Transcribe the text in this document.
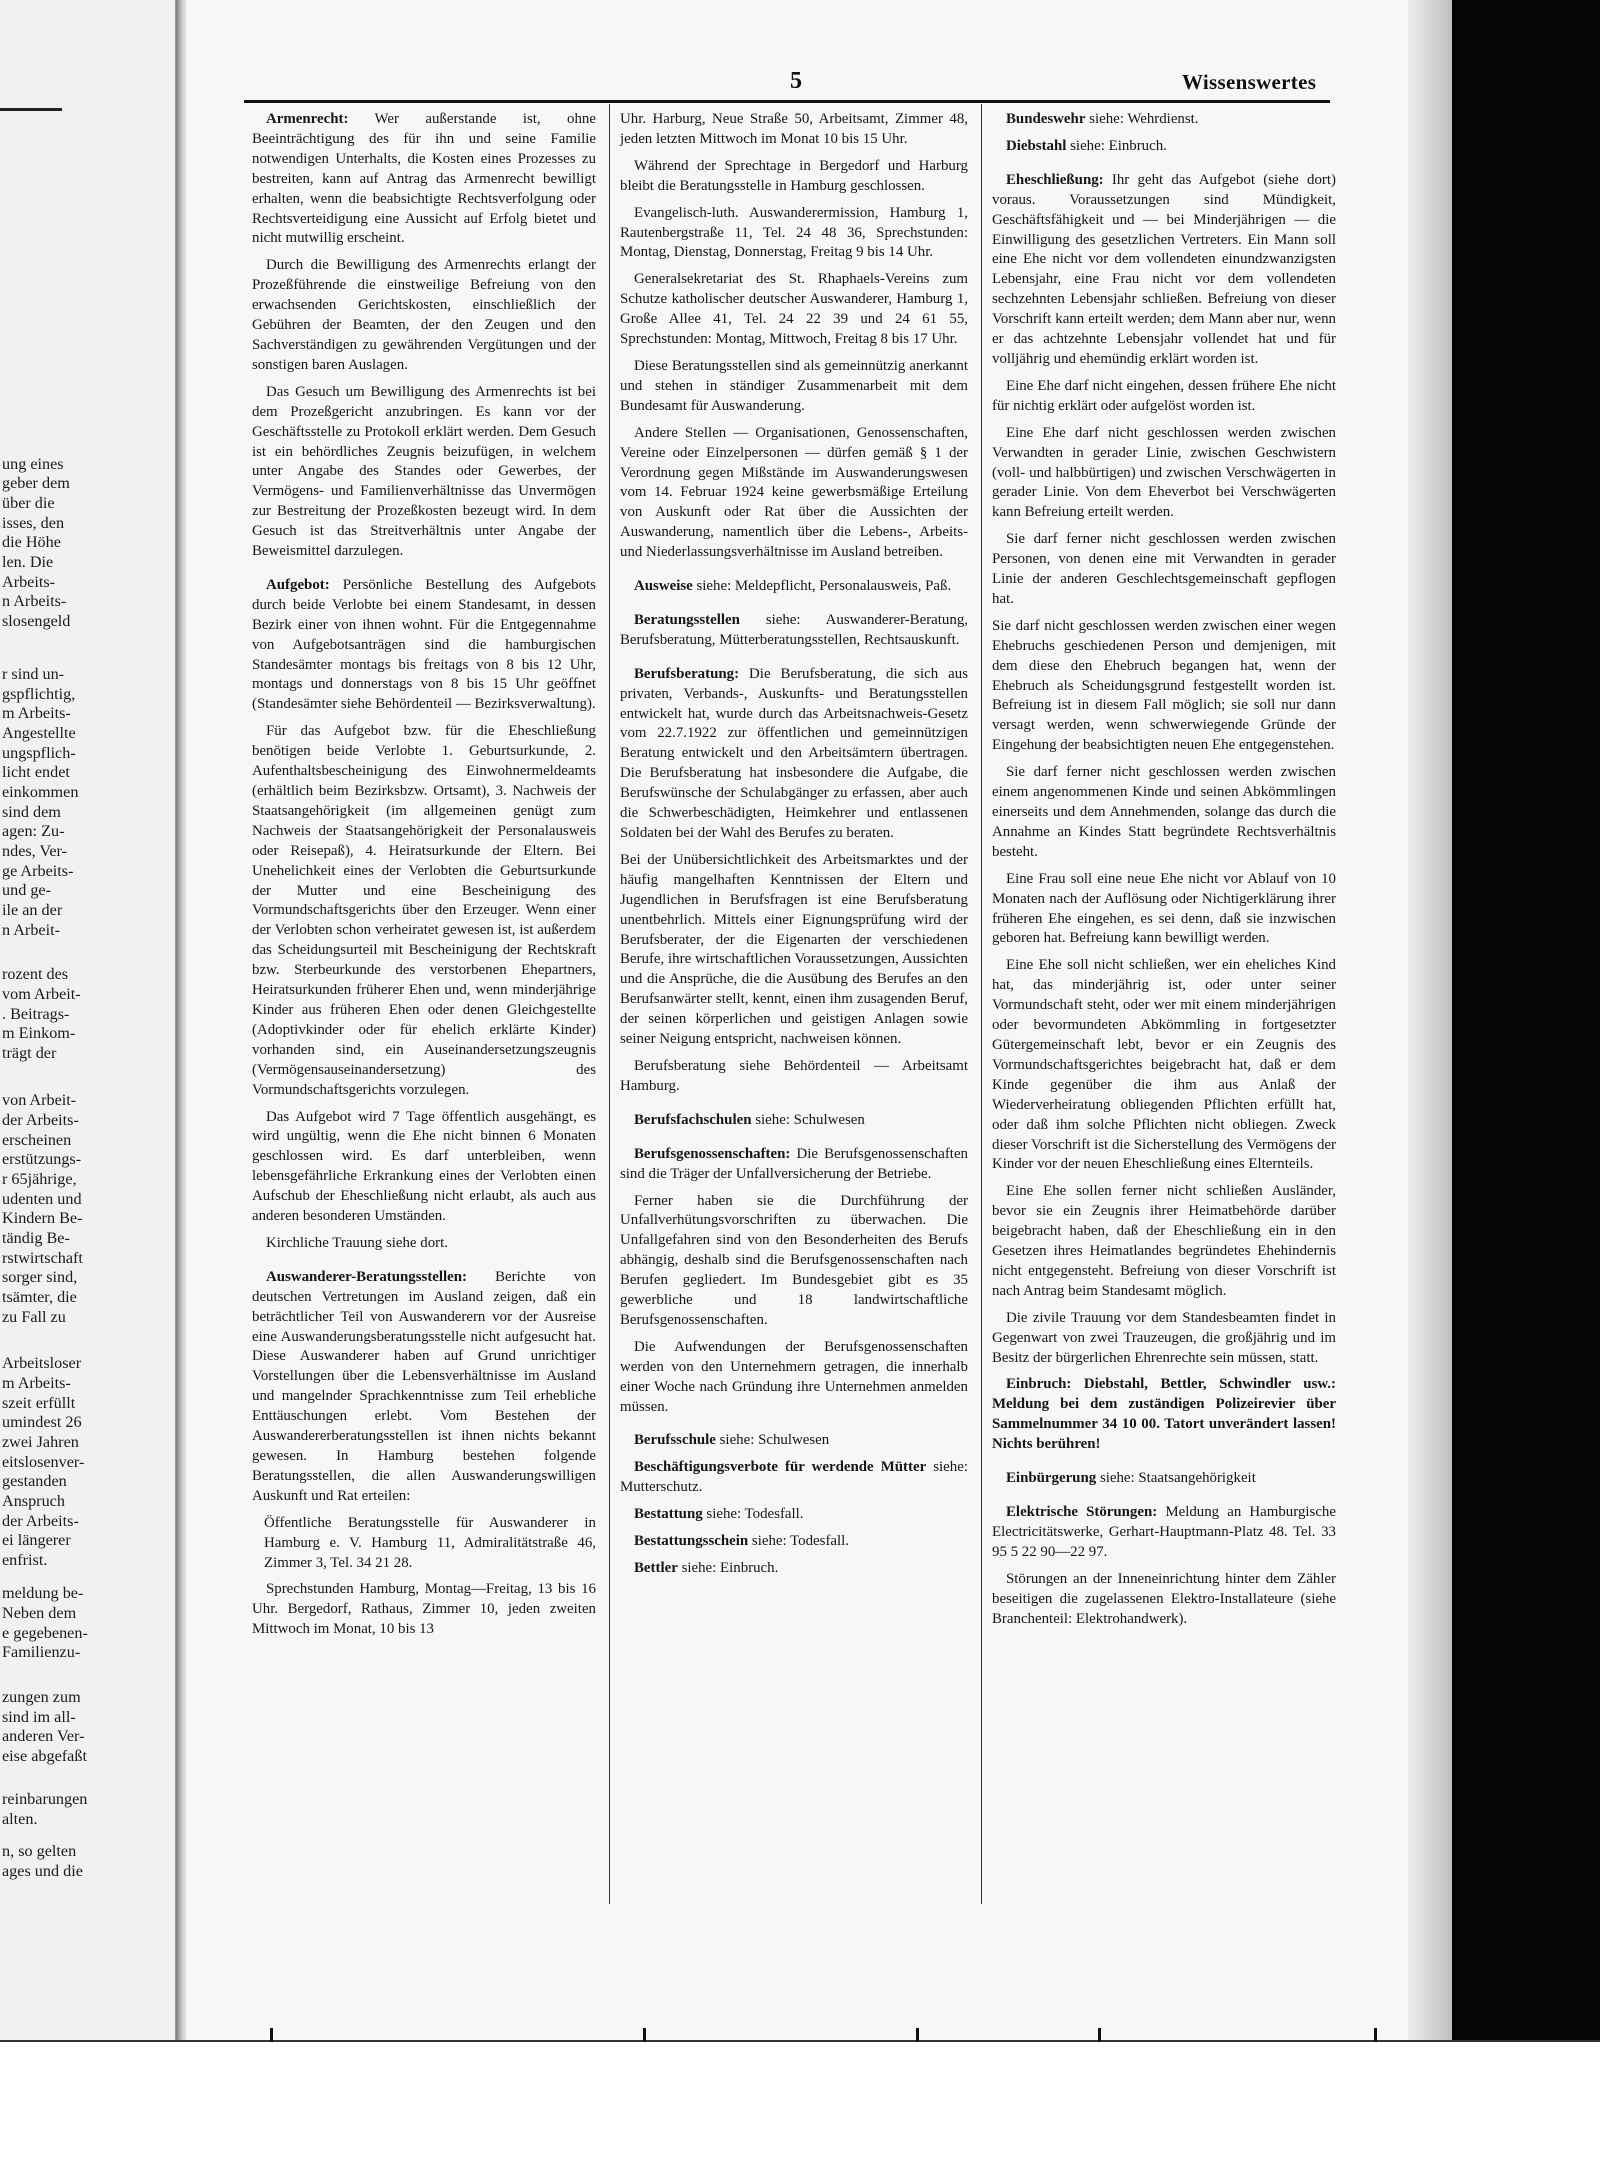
ung eines
geber dem
über die
isses, den
die Höhe
len. Die
Arbeits-
n Arbeits-
slosengeld
r sind un-
gspflichtig,
m Arbeits-
Angestellte
ungspflich-
licht endet
einkommen
sind dem
agen: Zu-
ndes, Ver-
ge Arbeits-
und ge-
ile an der
n Arbeit-
rozent des
vom Arbeit-
. Beitrags-
m Einkom-
trägt der
von Arbeit-
der Arbeits-
erscheinen
erstützungs-
r 65jährige,
udenten und
Kindern Be-
tändig Be-
rstwirtschaft
sorger sind,
tsämter, die
zu Fall zu
Arbeitsloser
m Arbeits-
szeit erfüllt
umindest 26
zwei Jahren
eitslosenver-
gestanden
Anspruch
der Arbeits-
ei längerer
enfrist.
meldung be-
Neben dem
e gegebenen-
Familienzu-
zungen zum
sind im all-
anderen Ver-
eise abgefaßt
reinbarungen
alten.
n, so gelten
ages und die
5	Wissenswertes

Armenrecht: Wer außerstande ist, ohne Beeinträchtigung des für ihn und seine Familie notwendigen Unterhalts, die Kosten eines Prozesses zu bestreiten, kann auf Antrag das Armenrecht bewilligt erhalten, wenn die beabsichtigte Rechtsverfolgung oder Rechtsverteidigung eine Aussicht auf Erfolg bietet und nicht mutwillig erscheint.

Durch die Bewilligung des Armenrechts erlangt der Prozeßführende die einstweilige Befreiung von den erwachsenden Gerichtskosten, einschließlich der Gebühren der Beamten, der den Zeugen und den Sachverständigen zu gewährenden Vergütungen und der sonstigen baren Auslagen.

Das Gesuch um Bewilligung des Armenrechts ist bei dem Prozeßgericht anzubringen. Es kann vor der Geschäftsstelle zu Protokoll erklärt werden. Dem Gesuch ist ein behördliches Zeugnis beizufügen, in welchem unter Angabe des Standes oder Gewerbes, der Vermögens- und Familienverhältnisse das Unvermögen zur Bestreitung der Prozeßkosten bezeugt wird. In dem Gesuch ist das Streitverhältnis unter Angabe der Beweismittel darzulegen.

Aufgebot: Persönliche Bestellung des Aufgebots durch beide Verlobte bei einem Standesamt, in dessen Bezirk einer von ihnen wohnt. Für die Entgegennahme von Aufgebotsanträgen sind die hamburgischen Standesämter montags bis freitags von 8 bis 12 Uhr, montags und donnerstags von 8 bis 15 Uhr geöffnet (Standesämter siehe Behördenteil — Bezirksverwaltung).

Für das Aufgebot bzw. für die Eheschließung benötigen beide Verlobte 1. Geburtsurkunde, 2. Aufenthaltsbescheinigung des Einwohnermeldeamts (erhältlich beim Bezirksbzw. Ortsamt), 3. Nachweis der Staatsangehörigkeit (im allgemeinen genügt zum Nachweis der Staatsangehörigkeit der Personalausweis oder Reisepaß), 4. Heiratsurkunde der Eltern. Bei Unehelichkeit eines der Verlobten die Geburtsurkunde der Mutter und eine Bescheinigung des Vormundschaftsgerichts über den Erzeuger. Wenn einer der Verlobten schon verheiratet gewesen ist, ist außerdem das Scheidungsurteil mit Bescheinigung der Rechtskraft bzw. Sterbeurkunde des verstorbenen Ehepartners, Heiratsurkunden früherer Ehen und, wenn minderjährige Kinder aus früheren Ehen oder denen Gleichgestellte (Adoptivkinder oder für ehelich erklärte Kinder) vorhanden sind, ein Auseinandersetzungszeugnis (Vermögensauseinandersetzung) des Vormundschaftsgerichts vorzulegen.

Das Aufgebot wird 7 Tage öffentlich ausgehängt, es wird ungültig, wenn die Ehe nicht binnen 6 Monaten geschlossen wird. Es darf unterbleiben, wenn lebensgefährliche Erkrankung eines der Verlobten einen Aufschub der Eheschließung nicht erlaubt, als auch aus anderen besonderen Umständen.

Kirchliche Trauung siehe dort.

Auswanderer-Beratungsstellen: Berichte von deutschen Vertretungen im Ausland zeigen, daß ein beträchtlicher Teil von Auswanderern vor der Ausreise eine Auswanderungsberatungsstelle nicht aufgesucht hat. Diese Auswanderer haben auf Grund unrichtiger Vorstellungen über die Lebensverhältnisse im Ausland und mangelnder Sprachkenntnisse zum Teil erhebliche Enttäuschungen erlebt. Vom Bestehen der Auswandererberatungsstellen ist ihnen nichts bekannt gewesen. In Hamburg bestehen folgende Beratungsstellen, die allen Auswanderungswilligen Auskunft und Rat erteilen:

Öffentliche Beratungsstelle für Auswanderer in Hamburg e. V. Hamburg 11, Admiralitätstraße 46, Zimmer 3, Tel. 34 21 28.

Sprechstunden Hamburg, Montag—Freitag, 13 bis 16 Uhr. Bergedorf, Rathaus, Zimmer 10, jeden zweiten Mittwoch im Monat, 10 bis 13

Uhr. Harburg, Neue Straße 50, Arbeitsamt, Zimmer 48, jeden letzten Mittwoch im Monat 10 bis 15 Uhr.

Während der Sprechtage in Bergedorf und Harburg bleibt die Beratungsstelle in Hamburg geschlossen.

Evangelisch-luth. Auswanderermission, Hamburg 1, Rautenbergstraße 11, Tel. 24 48 36, Sprechstunden: Montag, Dienstag, Donnerstag, Freitag 9 bis 14 Uhr.

Generalsekretariat des St. Rhaphaels-Vereins zum Schutze katholischer deutscher Auswanderer, Hamburg 1, Große Allee 41, Tel. 24 22 39 und 24 61 55, Sprechstunden: Montag, Mittwoch, Freitag 8 bis 17 Uhr.

Diese Beratungsstellen sind als gemeinnützig anerkannt und stehen in ständiger Zusammenarbeit mit dem Bundesamt für Auswanderung.

Andere Stellen — Organisationen, Genossenschaften, Vereine oder Einzelpersonen — dürfen gemäß § 1 der Verordnung gegen Mißstände im Auswanderungswesen vom 14. Februar 1924 keine gewerbsmäßige Erteilung von Auskunft oder Rat über die Aussichten der Auswanderung, namentlich über die Lebens-, Arbeits- und Niederlassungsverhältnisse im Ausland betreiben.

Ausweise siehe: Meldepflicht, Personalausweis, Paß.

Beratungsstellen siehe: Auswanderer-Beratung, Berufsberatung, Mütterberatungsstellen, Rechtsauskunft.

Berufsberatung: Die Berufsberatung, die sich aus privaten, Verbands-, Auskunfts- und Beratungsstellen entwickelt hat, wurde durch das Arbeitsnachweis-Gesetz vom 22.7.1922 zur öffentlichen und gemeinnützigen Beratung entwickelt und den Arbeitsämtern übertragen. Die Berufsberatung hat insbesondere die Aufgabe, die Berufswünsche der Schulabgänger zu erfassen, aber auch die Schwerbeschädigten, Heimkehrer und entlassenen Soldaten bei der Wahl des Berufes zu beraten.

Bei der Unübersichtlichkeit des Arbeitsmarktes und der häufig mangelhaften Kenntnissen der Eltern und Jugendlichen in Berufsfragen ist eine Berufsberatung unentbehrlich. Mittels einer Eignungsprüfung wird der Berufsberater, der die Eigenarten der verschiedenen Berufe, ihre wirtschaftlichen Voraussetzungen, Aussichten und die Ansprüche, die die Ausübung des Berufes an den Berufsanwärter stellt, kennt, einen ihm zusagenden Beruf, der seinen körperlichen und geistigen Anlagen sowie seiner Neigung entspricht, nachweisen können.

Berufsberatung siehe Behördenteil — Arbeitsamt Hamburg.

Berufsfachschulen siehe: Schulwesen

Berufsgenossenschaften: Die Berufsgenossenschaften sind die Träger der Unfallversicherung der Betriebe.

Ferner haben sie die Durchführung der Unfallverhütungsvorschriften zu überwachen. Die Unfallgefahren sind von den Besonderheiten des Berufs abhängig, deshalb sind die Berufsgenossenschaften nach Berufen gegliedert. Im Bundesgebiet gibt es 35 gewerbliche und 18 landwirtschaftliche Berufsgenossenschaften.

Die Aufwendungen der Berufsgenossenschaften werden von den Unternehmern getragen, die innerhalb einer Woche nach Gründung ihre Unternehmen anmelden müssen.

Berufsschule siehe: Schulwesen

Beschäftigungsverbote für werdende Mütter siehe: Mutterschutz.

Bestattung siehe: Todesfall.

Bestattungsschein siehe: Todesfall.

Bettler siehe: Einbruch.

Bundeswehr siehe: Wehrdienst.

Diebstahl siehe: Einbruch.

Eheschließung: Ihr geht das Aufgebot (siehe dort) voraus. Voraussetzungen sind Mündigkeit, Geschäftsfähigkeit und — bei Minderjährigen — die Einwilligung des gesetzlichen Vertreters. Ein Mann soll eine Ehe nicht vor dem vollendeten einundzwanzigsten Lebensjahr, eine Frau nicht vor dem vollendeten sechzehnten Lebensjahr schließen. Befreiung von dieser Vorschrift kann erteilt werden; dem Mann aber nur, wenn er das achtzehnte Lebensjahr vollendet hat und für volljährig und ehemündig erklärt worden ist.

Eine Ehe darf nicht eingehen, dessen frühere Ehe nicht für nichtig erklärt oder aufgelöst worden ist.

Eine Ehe darf nicht geschlossen werden zwischen Verwandten in gerader Linie, zwischen Geschwistern (voll- und halbbürtigen) und zwischen Verschwägerten in gerader Linie. Von dem Eheverbot bei Verschwägerten kann Befreiung erteilt werden.

Sie darf ferner nicht geschlossen werden zwischen Personen, von denen eine mit Verwandten in gerader Linie der anderen Geschlechtsgemeinschaft gepflogen hat.

Sie darf nicht geschlossen werden zwischen einer wegen Ehebruchs geschiedenen Person und demjenigen, mit dem diese den Ehebruch begangen hat, wenn der Ehebruch als Scheidungsgrund festgestellt worden ist. Befreiung ist in diesem Fall möglich; sie soll nur dann versagt werden, wenn schwerwiegende Gründe der Eingehung der beabsichtigten neuen Ehe entgegenstehen.

Sie darf ferner nicht geschlossen werden zwischen einem angenommenen Kinde und seinen Abkömmlingen einerseits und dem Annehmenden, solange das durch die Annahme an Kindes Statt begründete Rechtsverhältnis besteht.

Eine Frau soll eine neue Ehe nicht vor Ablauf von 10 Monaten nach der Auflösung oder Nichtigerklärung ihrer früheren Ehe eingehen, es sei denn, daß sie inzwischen geboren hat. Befreiung kann bewilligt werden.

Eine Ehe soll nicht schließen, wer ein eheliches Kind hat, das minderjährig ist, oder unter seiner Vormundschaft steht, oder wer mit einem minderjährigen oder bevormundeten Abkömmling in fortgesetzter Gütergemeinschaft lebt, bevor er ein Zeugnis des Vormundschaftsgerichtes beigebracht hat, daß er dem Kinde gegenüber die ihm aus Anlaß der Wiederverheiratung obliegenden Pflichten erfüllt hat, oder daß ihm solche Pflichten nicht obliegen. Zweck dieser Vorschrift ist die Sicherstellung des Vermögens der Kinder vor der neuen Eheschließung eines Elternteils.

Eine Ehe sollen ferner nicht schließen Ausländer, bevor sie ein Zeugnis ihrer Heimatbehörde darüber beigebracht haben, daß der Eheschließung ein in den Gesetzen ihres Heimatlandes begründetes Ehehindernis nicht entgegensteht. Befreiung von dieser Vorschrift ist nach Antrag beim Standesamt möglich.

Die zivile Trauung vor dem Standesbeamten findet in Gegenwart von zwei Trauzeugen, die großjährig und im Besitz der bürgerlichen Ehrenrechte sein müssen, statt.

Einbruch: Diebstahl, Bettler, Schwindler usw.: Meldung bei dem zuständigen Polizeirevier über Sammelnummer 34 10 00. Tatort unverändert lassen! Nichts berühren!

Einbürgerung siehe: Staatsangehörigkeit

Elektrische Störungen: Meldung an Hamburgische Electricitätswerke, Gerhart-Hauptmann-Platz 48. Tel. 33 95 5 22 90—22 97.

Störungen an der Inneneinrichtung hinter dem Zähler beseitigen die zugelassenen Elektro-Installateure (siehe Branchenteil: Elektrohandwerk).
